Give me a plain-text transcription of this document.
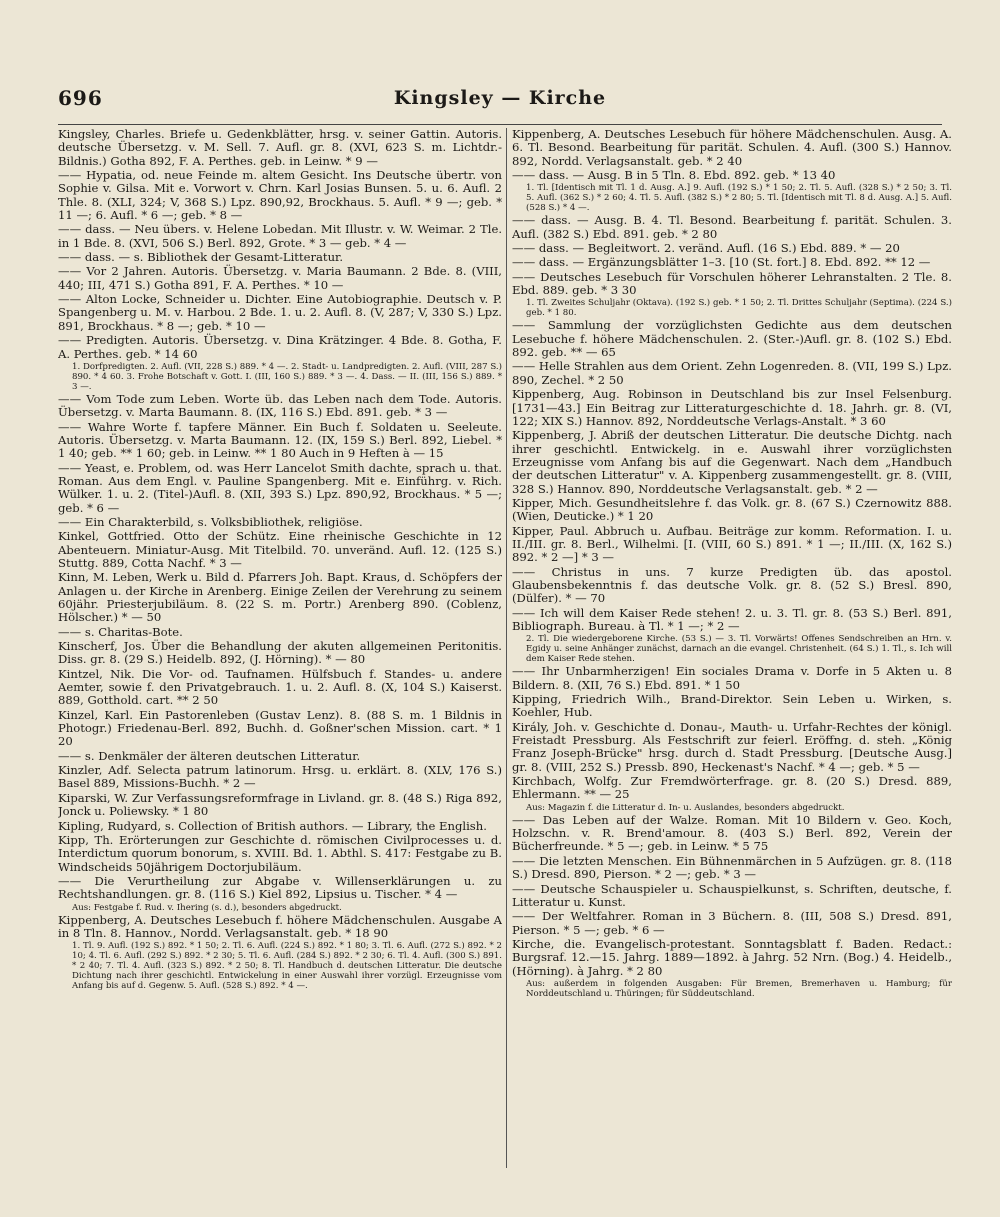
696	Kingsley — Kirche

Kingsley, Charles. Briefe u. Gedenkblätter, hrsg. v. seiner Gattin. Autoris. deutsche Übersetzg. v. M. Sell. 7. Aufl. gr. 8. (XVI, 623 S. m. Lichtdr.-Bildnis.) Gotha 892, F. A. Perthes. geb. in Leinw. * 9 —

—— Hypatia, od. neue Feinde m. altem Gesicht. Ins Deutsche übertr. von Sophie v. Gilsa. Mit e. Vorwort v. Chrn. Karl Josias Bunsen. 5. u. 6. Aufl. 2 Thle. 8. (XLI, 324; V, 368 S.) Lpz. 890,92, Brockhaus. 5. Aufl. * 9 —; geb. * 11 —; 6. Aufl. * 6 —; geb. * 8 —

—— dass. — Neu übers. v. Helene Lobedan. Mit Illustr. v. W. Weimar. 2 Tle. in 1 Bde. 8. (XVI, 506 S.) Berl. 892, Grote. * 3 — geb. * 4 —

—— dass. — s. Bibliothek der Gesamt-Litteratur.

—— Vor 2 Jahren. Autoris. Übersetzg. v. Maria Baumann. 2 Bde. 8. (VIII, 440; III, 471 S.) Gotha 891, F. A. Perthes. * 10 —

—— Alton Locke, Schneider u. Dichter. Eine Autobiographie. Deutsch v. P. Spangenberg u. M. v. Harbou. 2 Bde. 1. u. 2. Aufl. 8. (V, 287; V, 330 S.) Lpz. 891, Brockhaus. * 8 —; geb. * 10 —

—— Predigten. Autoris. Übersetzg. v. Dina Krätzinger. 4 Bde. 8. Gotha, F. A. Perthes. geb. * 14 60

1. Dorfpredigten. 2. Aufl. (VII, 228 S.) 889. * 4 —. 2. Stadt- u. Landpredigten. 2. Aufl. (VIII, 287 S.) 890. * 4 60. 3. Frohe Botschaft v. Gott. I. (III, 160 S.) 889. * 3 —. 4. Dass. — II. (III, 156 S.) 889. * 3 —.

—— Vom Tode zum Leben. Worte üb. das Leben nach dem Tode. Autoris. Übersetzg. v. Marta Baumann. 8. (IX, 116 S.) Ebd. 891. geb. * 3 —

—— Wahre Worte f. tapfere Männer. Ein Buch f. Soldaten u. Seeleute. Autoris. Übersetzg. v. Marta Baumann. 12. (IX, 159 S.) Berl. 892, Liebel. * 1 40; geb. ** 1 60; geb. in Leinw. ** 1 80 Auch in 9 Heften à — 15

—— Yeast, e. Problem, od. was Herr Lancelot Smith dachte, sprach u. that. Roman. Aus dem Engl. v. Pauline Spangenberg. Mit e. Einführg. v. Rich. Wülker. 1. u. 2. (Titel-)Aufl. 8. (XII, 393 S.) Lpz. 890,92, Brockhaus. * 5 —; geb. * 6 —

—— Ein Charakterbild, s. Volksbibliothek, religiöse.

Kinkel, Gottfried. Otto der Schütz. Eine rheinische Geschichte in 12 Abenteuern. Miniatur-Ausg. Mit Titelbild. 70. unveränd. Aufl. 12. (125 S.) Stuttg. 889, Cotta Nachf. * 3 —

Kinn, M. Leben, Werk u. Bild d. Pfarrers Joh. Bapt. Kraus, d. Schöpfers der Anlagen u. der Kirche in Arenberg. Einige Zeilen der Verehrung zu seinem 60jähr. Priesterjubiläum. 8. (22 S. m. Portr.) Arenberg 890. (Coblenz, Hölscher.) * — 50

—— s. Charitas-Bote.

Kinscherf, Jos. Über die Behandlung der akuten allgemeinen Peritonitis. Diss. gr. 8. (29 S.) Heidelb. 892, (J. Hörning). * — 80

Kintzel, Nik. Die Vor- od. Taufnamen. Hülfsbuch f. Standes- u. andere Aemter, sowie f. den Privatgebrauch. 1. u. 2. Aufl. 8. (X, 104 S.) Kaiserst. 889, Gotthold. cart. ** 2 50

Kinzel, Karl. Ein Pastorenleben (Gustav Lenz). 8. (88 S. m. 1 Bildnis in Photogr.) Friedenau-Berl. 892, Buchh. d. Goßner'schen Mission. cart. * 1 20

—— s. Denkmäler der älteren deutschen Litteratur.

Kinzler, Adf. Selecta patrum latinorum. Hrsg. u. erklärt. 8. (XLV, 176 S.) Basel 889, Missions-Buchh. * 2 —

Kiparski, W. Zur Verfassungsreformfrage in Livland. gr. 8. (48 S.) Riga 892, Jonck u. Poliewsky. * 1 80

Kipling, Rudyard, s. Collection of British authors. — Library, the English.

Kipp, Th. Erörterungen zur Geschichte d. römischen Civilprocesses u. d. Interdictum quorum bonorum, s. XVIII. Bd. 1. Abthl. S. 417: Festgabe zu B. Windscheids 50jährigem Doctorjubiläum.

—— Die Verurtheilung zur Abgabe v. Willenserklärungen u. zu Rechtshandlungen. gr. 8. (116 S.) Kiel 892, Lipsius u. Tischer. * 4 —

Aus: Festgabe f. Rud. v. Ihering (s. d.), besonders abgedruckt.

Kippenberg, A. Deutsches Lesebuch f. höhere Mädchenschulen. Ausgabe A in 8 Tln. 8. Hannov., Nordd. Verlagsanstalt. geb. * 18 90

1. Tl. 9. Aufl. (192 S.) 892. * 1 50; 2. Tl. 6. Aufl. (224 S.) 892. * 1 80; 3. Tl. 6. Aufl. (272 S.) 892. * 2 10; 4. Tl. 6. Aufl. (292 S.) 892. * 2 30; 5. Tl. 6. Aufl. (284 S.) 892. * 2 30; 6. Tl. 4. Aufl. (300 S.) 891. * 2 40; 7. Tl. 4. Aufl. (323 S.) 892. * 2 50; 8. Tl. Handbuch d. deutschen Litteratur. Die deutsche Dichtung nach ihrer geschichtl. Entwickelung in einer Auswahl ihrer vorzügl. Erzeugnisse vom Anfang bis auf d. Gegenw. 5. Aufl. (528 S.) 892. * 4 —.

Kippenberg, A. Deutsches Lesebuch für höhere Mädchenschulen. Ausg. A. 6. Tl. Besond. Bearbeitung für parität. Schulen. 4. Aufl. (300 S.) Hannov. 892, Nordd. Verlagsanstalt. geb. * 2 40

—— dass. — Ausg. B in 5 Tln. 8. Ebd. 892. geb. * 13 40

1. Tl. [Identisch mit Tl. 1 d. Ausg. A.] 9. Aufl. (192 S.) * 1 50; 2. Tl. 5. Aufl. (328 S.) * 2 50; 3. Tl. 5. Aufl. (362 S.) * 2 60; 4. Tl. 5. Aufl. (382 S.) * 2 80; 5. Tl. [Identisch mit Tl. 8 d. Ausg. A.] 5. Aufl. (528 S.) * 4 —.

—— dass. — Ausg. B. 4. Tl. Besond. Bearbeitung f. parität. Schulen. 3. Aufl. (382 S.) Ebd. 891. geb. * 2 80

—— dass. — Begleitwort. 2. veränd. Aufl. (16 S.) Ebd. 889. * — 20

—— dass. — Ergänzungsblätter 1–3. [10 (St. fort.] 8. Ebd. 892. ** 12 —

—— Deutsches Lesebuch für Vorschulen höherer Lehranstalten. 2 Tle. 8. Ebd. 889. geb. * 3 30

1. Tl. Zweites Schuljahr (Oktava). (192 S.) geb. * 1 50; 2. Tl. Drittes Schuljahr (Septima). (224 S.) geb. * 1 80.

—— Sammlung der vorzüglichsten Gedichte aus dem deutschen Lesebuche f. höhere Mädchenschulen. 2. (Ster.-)Aufl. gr. 8. (102 S.) Ebd. 892. geb. ** — 65

—— Helle Strahlen aus dem Orient. Zehn Logenreden. 8. (VII, 199 S.) Lpz. 890, Zechel. * 2 50

Kippenberg, Aug. Robinson in Deutschland bis zur Insel Felsenburg. [1731—43.] Ein Beitrag zur Litteraturgeschichte d. 18. Jahrh. gr. 8. (VI, 122; XIX S.) Hannov. 892, Norddeutsche Verlags-Anstalt. * 3 60

Kippenberg, J. Abriß der deutschen Litteratur. Die deutsche Dichtg. nach ihrer geschichtl. Entwickelg. in e. Auswahl ihrer vorzüglichsten Erzeugnisse vom Anfang bis auf die Gegenwart. Nach dem „Handbuch der deutschen Litteratur" v. A. Kippenberg zusammengestellt. gr. 8. (VIII, 328 S.) Hannov. 890, Norddeutsche Verlagsanstalt. geb. * 2 —

Kipper, Mich. Gesundheitslehre f. das Volk. gr. 8. (67 S.) Czernowitz 888. (Wien, Deuticke.) * 1 20

Kipper, Paul. Abbruch u. Aufbau. Beiträge zur komm. Reformation. I. u. II./III. gr. 8. Berl., Wilhelmi. [I. (VIII, 60 S.) 891. * 1 —; II./III. (X, 162 S.) 892. * 2 —] * 3 —

—— Christus in uns. 7 kurze Predigten üb. das apostol. Glaubensbekenntnis f. das deutsche Volk. gr. 8. (52 S.) Bresl. 890, (Dülfer). * — 70

—— Ich will dem Kaiser Rede stehen! 2. u. 3. Tl. gr. 8. (53 S.) Berl. 891, Bibliograph. Bureau. à Tl. * 1 —; * 2 —

2. Tl. Die wiedergeborene Kirche. (53 S.) — 3. Tl. Vorwärts! Offenes Sendschreiben an Hrn. v. Egidy u. seine Anhänger zunächst, darnach an die evangel. Christenheit. (64 S.) 1. Tl., s. Ich will dem Kaiser Rede stehen.

—— Ihr Unbarmherzigen! Ein sociales Drama v. Dorfe in 5 Akten u. 8 Bildern. 8. (XII, 76 S.) Ebd. 891. * 1 50

Kipping, Friedrich Wilh., Brand-Direktor. Sein Leben u. Wirken, s. Koehler, Hub.

Király, Joh. v. Geschichte d. Donau-, Mauth- u. Urfahr-Rechtes der königl. Freistadt Pressburg. Als Festschrift zur feierl. Eröffng. d. steh. „König Franz Joseph-Brücke" hrsg. durch d. Stadt Pressburg. [Deutsche Ausg.] gr. 8. (VIII, 252 S.) Pressb. 890, Heckenast's Nachf. * 4 —; geb. * 5 —

Kirchbach, Wolfg. Zur Fremdwörterfrage. gr. 8. (20 S.) Dresd. 889, Ehlermann. ** — 25

Aus: Magazin f. die Litteratur d. In- u. Auslandes, besonders abgedruckt.

—— Das Leben auf der Walze. Roman. Mit 10 Bildern v. Geo. Koch, Holzschn. v. R. Brend'amour. 8. (403 S.) Berl. 892, Verein der Bücherfreunde. * 5 —; geb. in Leinw. * 5 75

—— Die letzten Menschen. Ein Bühnenmärchen in 5 Aufzügen. gr. 8. (118 S.) Dresd. 890, Pierson. * 2 —; geb. * 3 —

—— Deutsche Schauspieler u. Schauspielkunst, s. Schriften, deutsche, f. Litteratur u. Kunst.

—— Der Weltfahrer. Roman in 3 Büchern. 8. (III, 508 S.) Dresd. 891, Pierson. * 5 —; geb. * 6 —

Kirche, die. Evangelisch-protestant. Sonntagsblatt f. Baden. Redact.: Burgsraf. 12.—15. Jahrg. 1889—1892. à Jahrg. 52 Nrn. (Bog.) 4. Heidelb., (Hörning). à Jahrg. * 2 80

Aus: außerdem in folgenden Ausgaben: Für Bremen, Bremerhaven u. Hamburg; für Norddeutschland u. Thüringen; für Süddeutschland.
